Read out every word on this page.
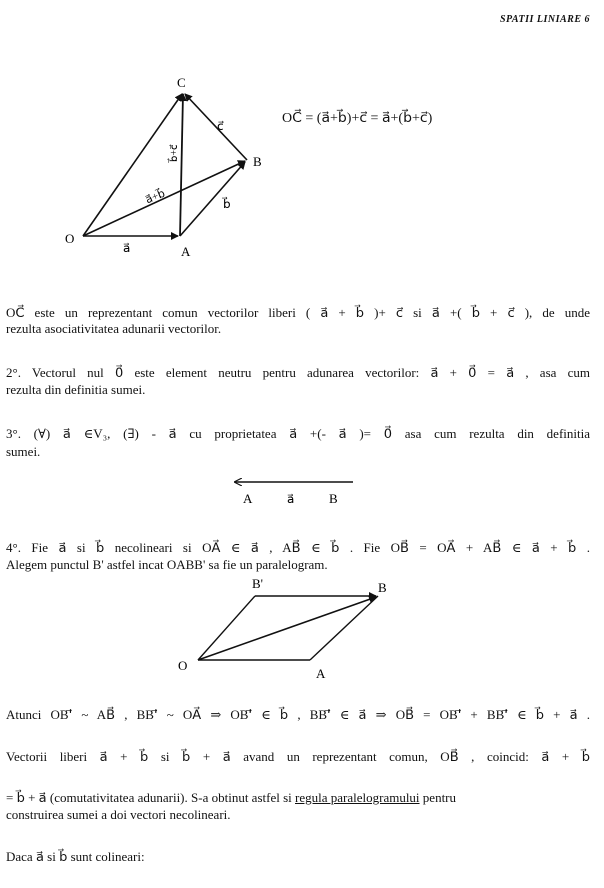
SPATII LINIARE 6
O
A
B
C
a⃗
b⃗
c⃗
a⃗+b⃗
b⃗+c⃗
OC⃗ = (a⃗+b⃗)+c⃗ = a⃗+(b⃗+c⃗)
OC⃗ este un reprezentant comun vectorilor liberi ( a⃗ + b⃗ )+ c⃗ si a⃗ +( b⃗ + c⃗ ), de unde
rezulta asociativitatea adunarii vectorilor.
2°. Vectorul nul 0⃗ este element neutru pentru adunarea vectorilor: a⃗ + 0⃗ = a⃗ , asa cum
rezulta din definitia sumei.
3°. (∀) a⃗ ∈V₃, (∃) - a⃗ cu proprietatea a⃗ +(- a⃗ )= 0⃗ asa cum rezulta din definitia
sumei.
A	a⃗	B
4°. Fie a⃗ si b⃗ necolineari si OA⃗ ∈ a⃗ , AB⃗ ∈ b⃗ . Fie OB⃗ = OA⃗ + AB⃗ ∈ a⃗ + b⃗ .
Alegem punctul B' astfel incat OABB' sa fie un paralelogram.
O
A
B
B'
Atunci OB'⃗ ~ AB⃗ , BB'⃗ ~ OA⃗ ⇒ OB'⃗ ∈ b⃗ , BB'⃗ ∈ a⃗ ⇒ OB⃗ = OB'⃗ + BB'⃗ ∈ b⃗ + a⃗ .
Vectorii liberi a⃗ + b⃗ si b⃗ + a⃗ avand un reprezentant comun, OB⃗ , coincid: a⃗ + b⃗
= b⃗ + a⃗ (comutativitatea adunarii). S-a obtinut astfel si regula paralelogramului pentru
construirea sumei a doi vectori necolineari.
Daca a⃗ si b⃗ sunt colineari:
